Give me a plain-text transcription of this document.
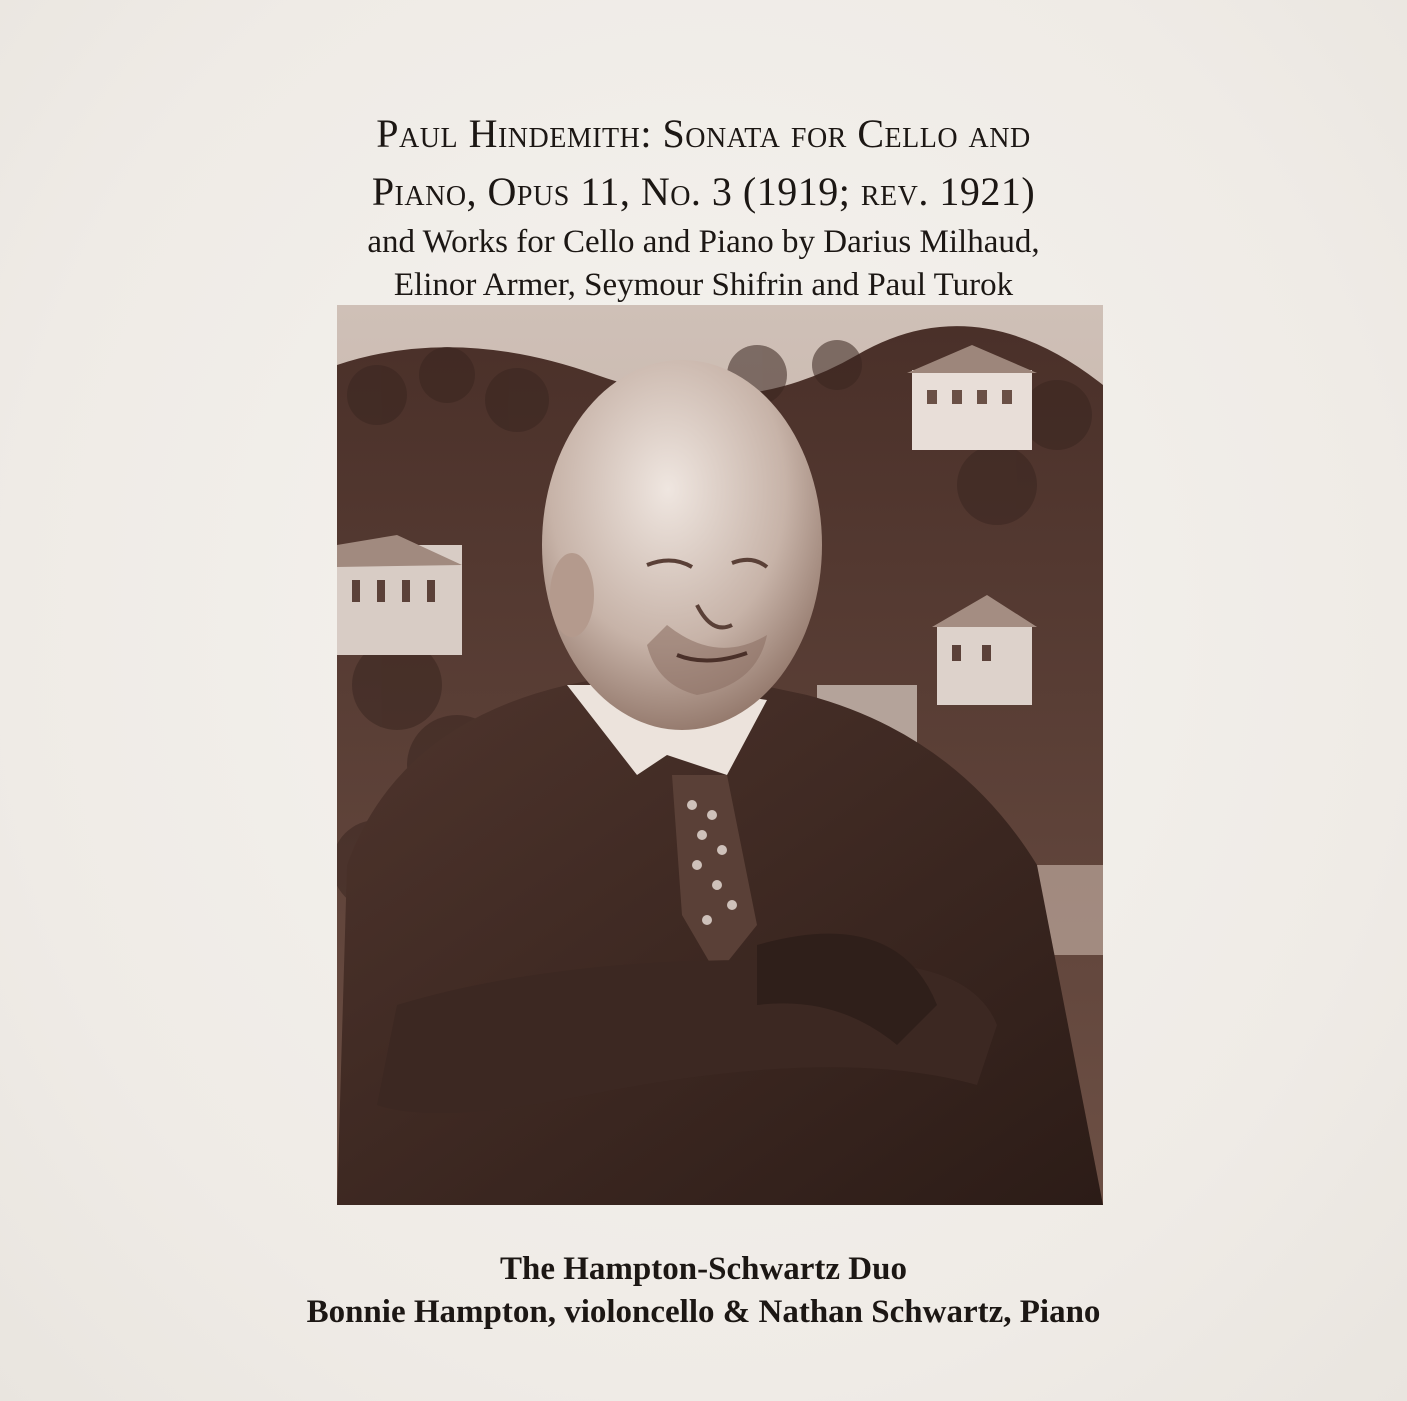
Paul Hindemith: Sonata for Cello and
Piano, Opus 11, No. 3 (1919; rev. 1921)
and Works for Cello and Piano by Darius Milhaud,
Elinor Armer, Seymour Shifrin and Paul Turok
The Hampton-Schwartz Duo
Bonnie Hampton, violoncello & Nathan Schwartz, Piano
